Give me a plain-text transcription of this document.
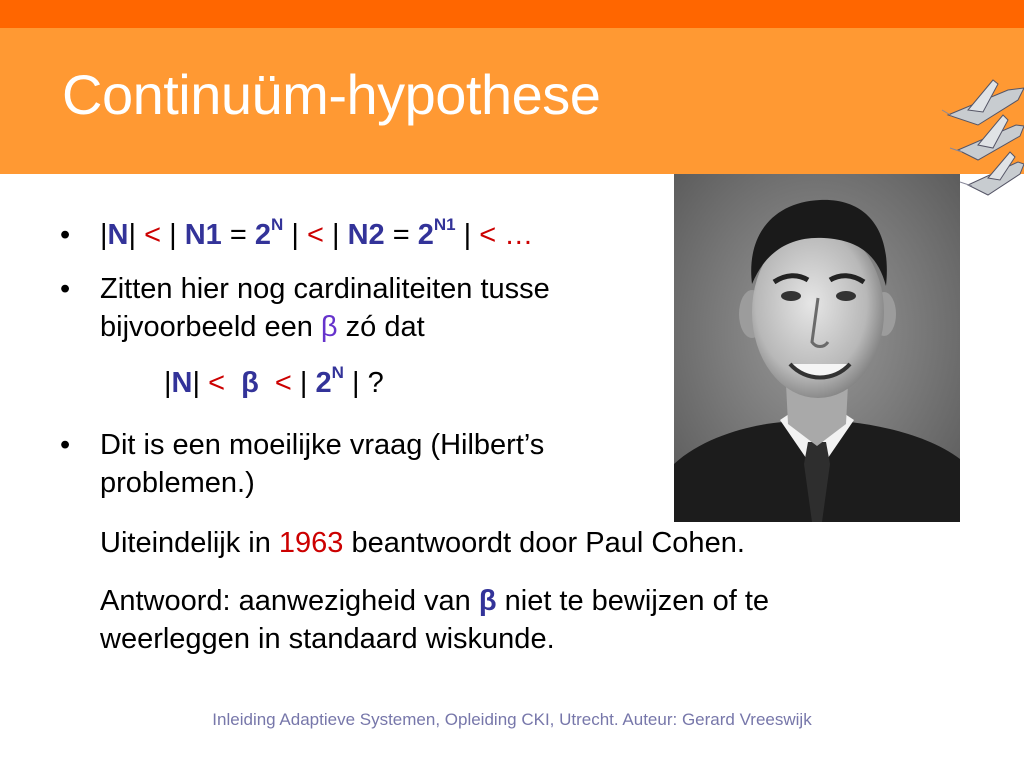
Continuüm-hypothese
• |N| < | $N1 = 2^N$ | < | $N2 = 2^{N1}$ | < …
• Zitten hier nog cardinaliteiten tusse
bijvoorbeeld een β zó dat
|N| < β < | $2^N$ | ?
• Dit is een moeilijke vraag (Hilbert’s
problemen.)
Uiteindelijk in 1963 beantwoordt door Paul Cohen.
Antwoord: aanwezigheid van β niet te bewijzen of te
weerleggen in standaard wiskunde.
Inleiding Adaptieve Systemen, Opleiding CKI, Utrecht. Auteur: Gerard Vreeswijk
